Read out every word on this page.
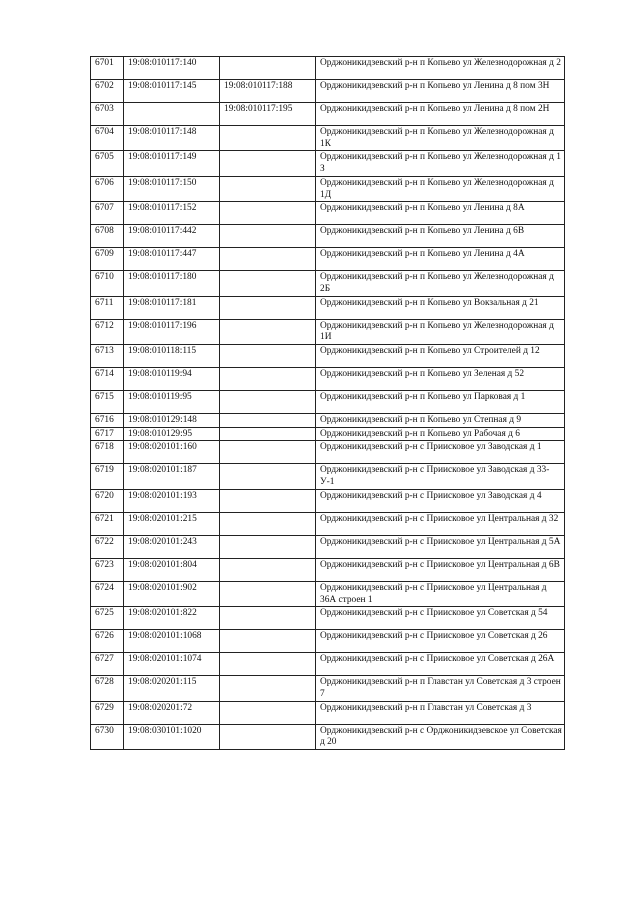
6701	19:08:010117:140		Орджоникидзевский р-н п Копьево ул Железнодорожная д 2
6702	19:08:010117:145	19:08:010117:188	Орджоникидзевский р-н п Копьево ул Ленина д 8 пом 3Н
6703		19:08:010117:195	Орджоникидзевский р-н п Копьево ул Ленина д 8 пом 2Н
6704	19:08:010117:148		Орджоникидзевский р-н п Копьево ул Железнодорожная д 1К
6705	19:08:010117:149		Орджоникидзевский р-н п Копьево ул Железнодорожная д 1 З
6706	19:08:010117:150		Орджоникидзевский р-н п Копьево ул Железнодорожная д 1Д
6707	19:08:010117:152		Орджоникидзевский р-н п Копьево ул Ленина д 8А
6708	19:08:010117:442		Орджоникидзевский р-н п Копьево ул Ленина д 6В
6709	19:08:010117:447		Орджоникидзевский р-н п Копьево ул Ленина д 4А
6710	19:08:010117:180		Орджоникидзевский р-н п Копьево ул Железнодорожная д 2Б
6711	19:08:010117:181		Орджоникидзевский р-н п Копьево ул Вокзальная д 21
6712	19:08:010117:196		Орджоникидзевский р-н п Копьево ул Железнодорожная д 1И
6713	19:08:010118:115		Орджоникидзевский р-н п Копьево ул Строителей д 12
6714	19:08:010119:94		Орджоникидзевский р-н п Копьево ул Зеленая д 52
6715	19:08:010119:95		Орджоникидзевский р-н п Копьево ул Парковая д 1
6716	19:08:010129:148		Орджоникидзевский р-н п Копьево ул Степная д 9
6717	19:08:010129:95		Орджоникидзевский р-н п Копьево ул Рабочая д 6
6718	19:08:020101:160		Орджоникидзевский р-н с Приисковое ул Заводская д 1
6719	19:08:020101:187		Орджоникидзевский р-н с Приисковое ул Заводская д 33-У-1
6720	19:08:020101:193		Орджоникидзевский р-н с Приисковое ул Заводская д 4
6721	19:08:020101:215		Орджоникидзевский р-н с Приисковое ул Центральная д 32
6722	19:08:020101:243		Орджоникидзевский р-н с Приисковое ул Центральная д 5А
6723	19:08:020101:804		Орджоникидзевский р-н с Приисковое ул Центральная д 6В
6724	19:08:020101:902		Орджоникидзевский р-н с Приисковое ул Центральная д 36А строен 1
6725	19:08:020101:822		Орджоникидзевский р-н с Приисковое ул Советская д 54
6726	19:08:020101:1068		Орджоникидзевский р-н с Приисковое ул Советская д 26
6727	19:08:020101:1074		Орджоникидзевский р-н с Приисковое ул Советская д 26А
6728	19:08:020201:115		Орджоникидзевский р-н п Главстан ул Советская д 3 строен 7
6729	19:08:020201:72		Орджоникидзевский р-н п Главстан ул Советская д 3
6730	19:08:030101:1020		Орджоникидзевский р-н с Орджоникидзевское ул Советская д 20
